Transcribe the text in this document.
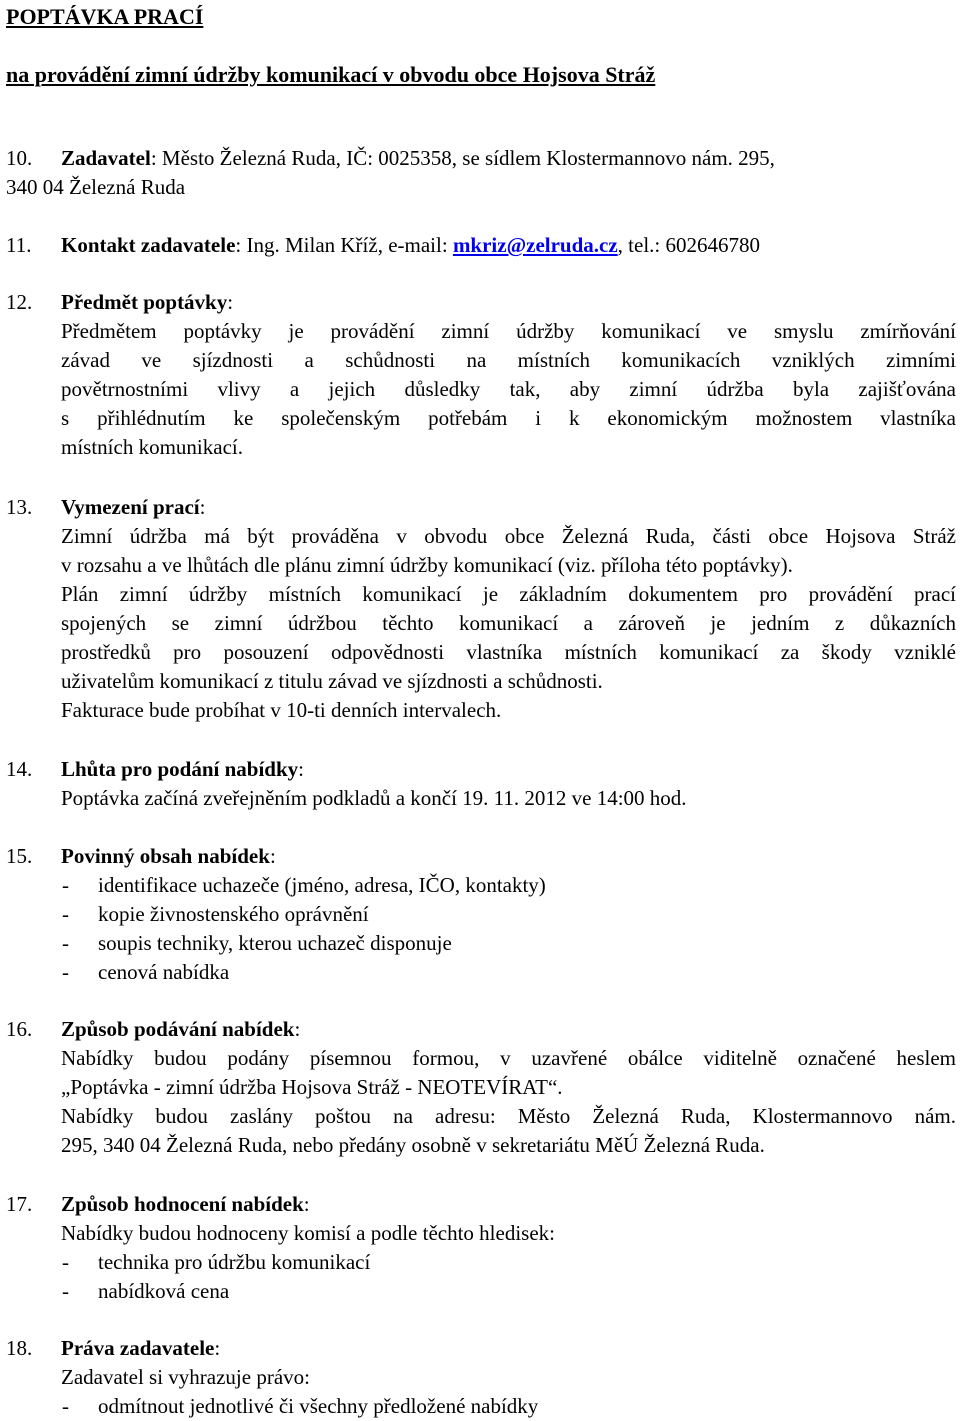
POPTÁVKA PRACÍ
na provádění zimní údržby komunikací v obvodu obce Hojsova Stráž
10. Zadavatel: Město Železná Ruda, IČ: 0025358, se sídlem Klostermannovo nám. 295,
340 04 Železná Ruda
11. Kontakt zadavatele: Ing. Milan Kříž, e-mail: mkriz@zelruda.cz, tel.: 602646780
12. Předmět poptávky:
Předmětem poptávky je provádění zimní údržby komunikací ve smyslu zmírňování
závad ve sjízdnosti a schůdnosti na místních komunikacích vzniklých zimními
povětrnostními vlivy a jejich důsledky tak, aby zimní údržba byla zajišťována
s přihlédnutím ke společenským potřebám i k ekonomickým možnostem vlastníka
místních komunikací.
13. Vymezení prací:
Zimní údržba má být prováděna v obvodu obce Železná Ruda, části obce Hojsova Stráž
v rozsahu a ve lhůtách dle plánu zimní údržby komunikací (viz. příloha této poptávky).
Plán zimní údržby místních komunikací je základním dokumentem pro provádění prací
spojených se zimní údržbou těchto komunikací a zároveň je jedním z důkazních
prostředků pro posouzení odpovědnosti vlastníka místních komunikací za škody vzniklé
uživatelům komunikací z titulu závad ve sjízdnosti a schůdnosti.
Fakturace bude probíhat v 10-ti denních intervalech.
14. Lhůta pro podání nabídky:
Poptávka začíná zveřejněním podkladů a končí 19. 11. 2012 ve 14:00 hod.
15. Povinný obsah nabídek:
-	identifikace uchazeče (jméno, adresa, IČO, kontakty)
-	kopie živnostenského oprávnění
-	soupis techniky, kterou uchazeč disponuje
-	cenová nabídka
16. Způsob podávání nabídek:
Nabídky budou podány písemnou formou, v uzavřené obálce viditelně označené heslem
„Poptávka - zimní údržba Hojsova Stráž - NEOTEVÍRAT“.
Nabídky budou zaslány poštou na adresu: Město Železná Ruda, Klostermannovo nám.
295, 340 04 Železná Ruda, nebo předány osobně v sekretariátu MěÚ Železná Ruda.
17. Způsob hodnocení nabídek:
Nabídky budou hodnoceny komisí a podle těchto hledisek:
-	technika pro údržbu komunikací
-	nabídková cena
18. Práva zadavatele:
Zadavatel si vyhrazuje právo:
-	odmítnout jednotlivé či všechny předložené nabídky
